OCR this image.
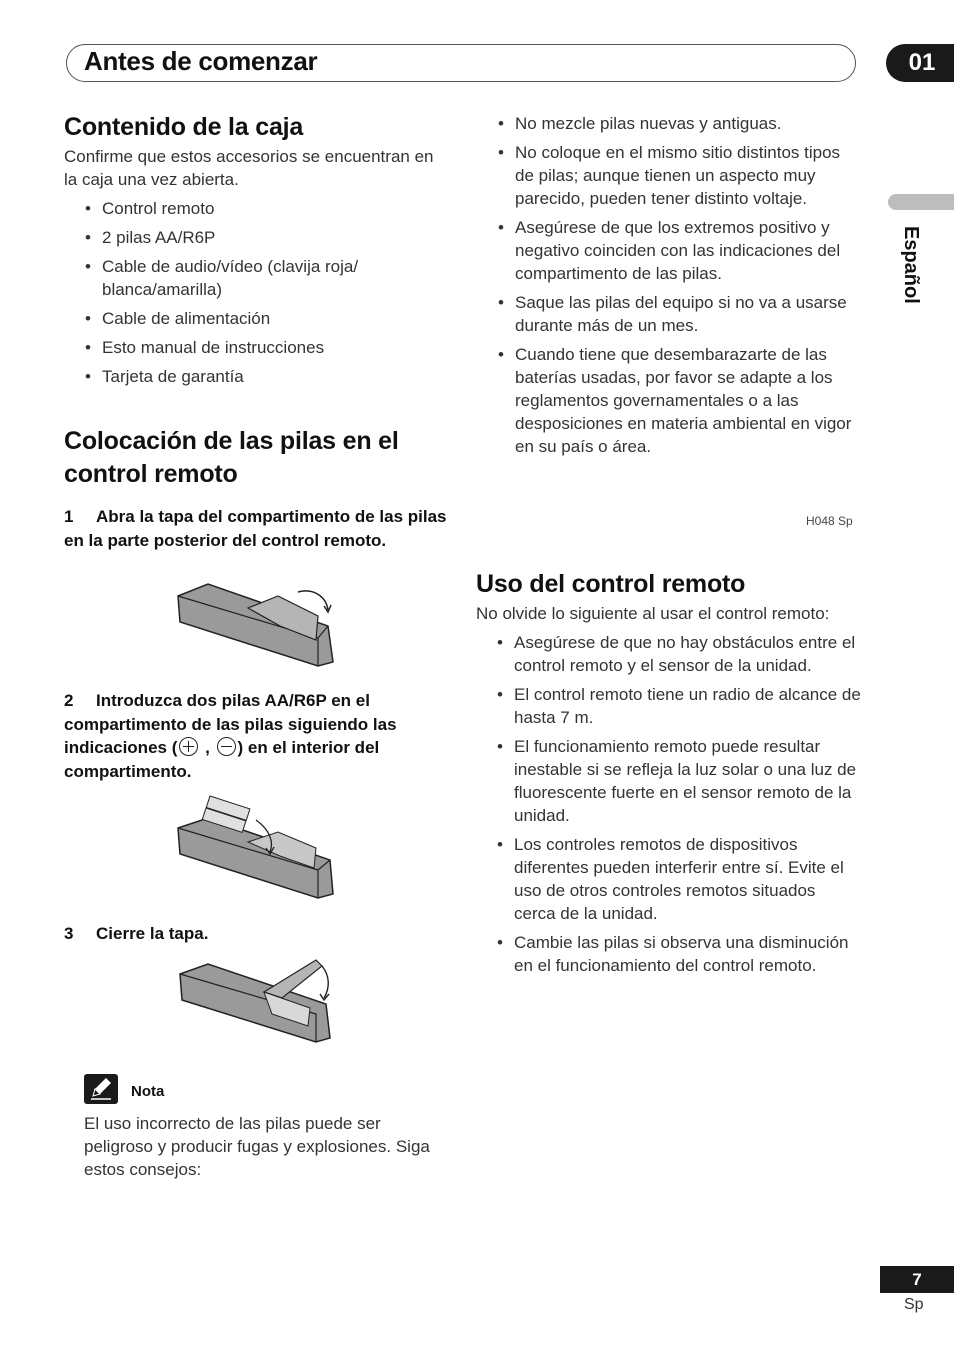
Antes de comenzar	01
Español
Contenido de la caja

Confirme que estos accesorios se encuentran en la caja una vez abierta.

• Control remoto
• 2 pilas AA/R6P
• Cable de audio/vídeo (clavija roja/ blanca/amarilla)
• Cable de alimentación
• Esto manual de instrucciones
• Tarjeta de garantía
Colocación de las pilas en el control remoto
1 Abra la tapa del compartimento de las pilas en la parte posterior del control remoto.
2 Introduzca dos pilas AA/R6P en el compartimento de las pilas siguiendo las indicaciones ( , ) en el interior del compartimento.
3 Cierre la tapa.
Nota

El uso incorrecto de las pilas puede ser peligroso y producir fugas y explosiones. Siga estos consejos:

• No mezcle pilas nuevas y antiguas.
• No coloque en el mismo sitio distintos tipos de pilas; aunque tienen un aspecto muy parecido, pueden tener distinto voltaje.
• Asegúrese de que los extremos positivo y negativo coinciden con las indicaciones del compartimento de las pilas.
• Saque las pilas del equipo si no va a usarse durante más de un mes.
• Cuando tiene que desembarazarte de las baterías usadas, por favor se adapte a los reglamentos governamentales o a las desposiciones en materia ambiental en vigor en su país o área.
H048 Sp
Uso del control remoto

No olvide lo siguiente al usar el control remoto:

• Asegúrese de que no hay obstáculos entre el control remoto y el sensor de la unidad.
• El control remoto tiene un radio de alcance de hasta 7 m.
• El funcionamiento remoto puede resultar inestable si se refleja la luz solar o una luz de fluorescente fuerte en el sensor remoto de la unidad.
• Los controles remotos de dispositivos diferentes pueden interferir entre sí. Evite el uso de otros controles remotos situados cerca de la unidad.
• Cambie las pilas si observa una disminución en el funcionamiento del control remoto.
7
Sp
